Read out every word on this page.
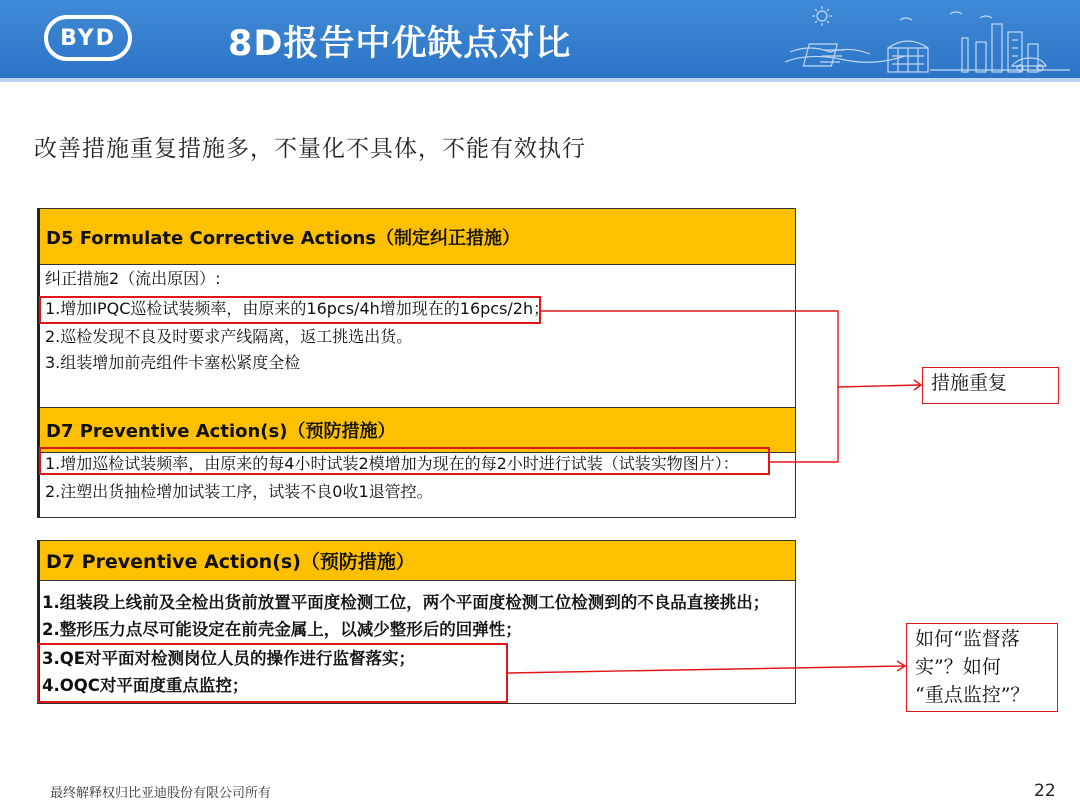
BYD	8D报告中优缺点对比
改善措施重复措施多，不量化不具体，不能有效执行
D5 Formulate Corrective Actions（制定纠正措施）
纠正措施2（流出原因）:
1.增加IPQC巡检试装频率，由原来的16pcs/4h增加现在的16pcs/2h；
2.巡检发现不良及时要求产线隔离，返工挑选出货。
3.组装增加前壳组件卡塞松紧度全检
D7 Preventive Action(s)（预防措施）
1.增加巡检试装频率，由原来的每4小时试装2模增加为现在的每2小时进行试装（试装实物图片）：
2.注塑出货抽检增加试装工序，试装不良0收1退管控。
D7 Preventive Action(s)（预防措施）
1.组装段上线前及全检出货前放置平面度检测工位，两个平面度检测工位检测到的不良品直接挑出；
2.整形压力点尽可能设定在前壳金属上，以减少整形后的回弹性；
3.QE对平面对检测岗位人员的操作进行监督落实；
4.OQC对平面度重点监控；
措施重复
如何“监督落
实”？如何
“重点监控”？
最终解释权归比亚迪股份有限公司所有	22
